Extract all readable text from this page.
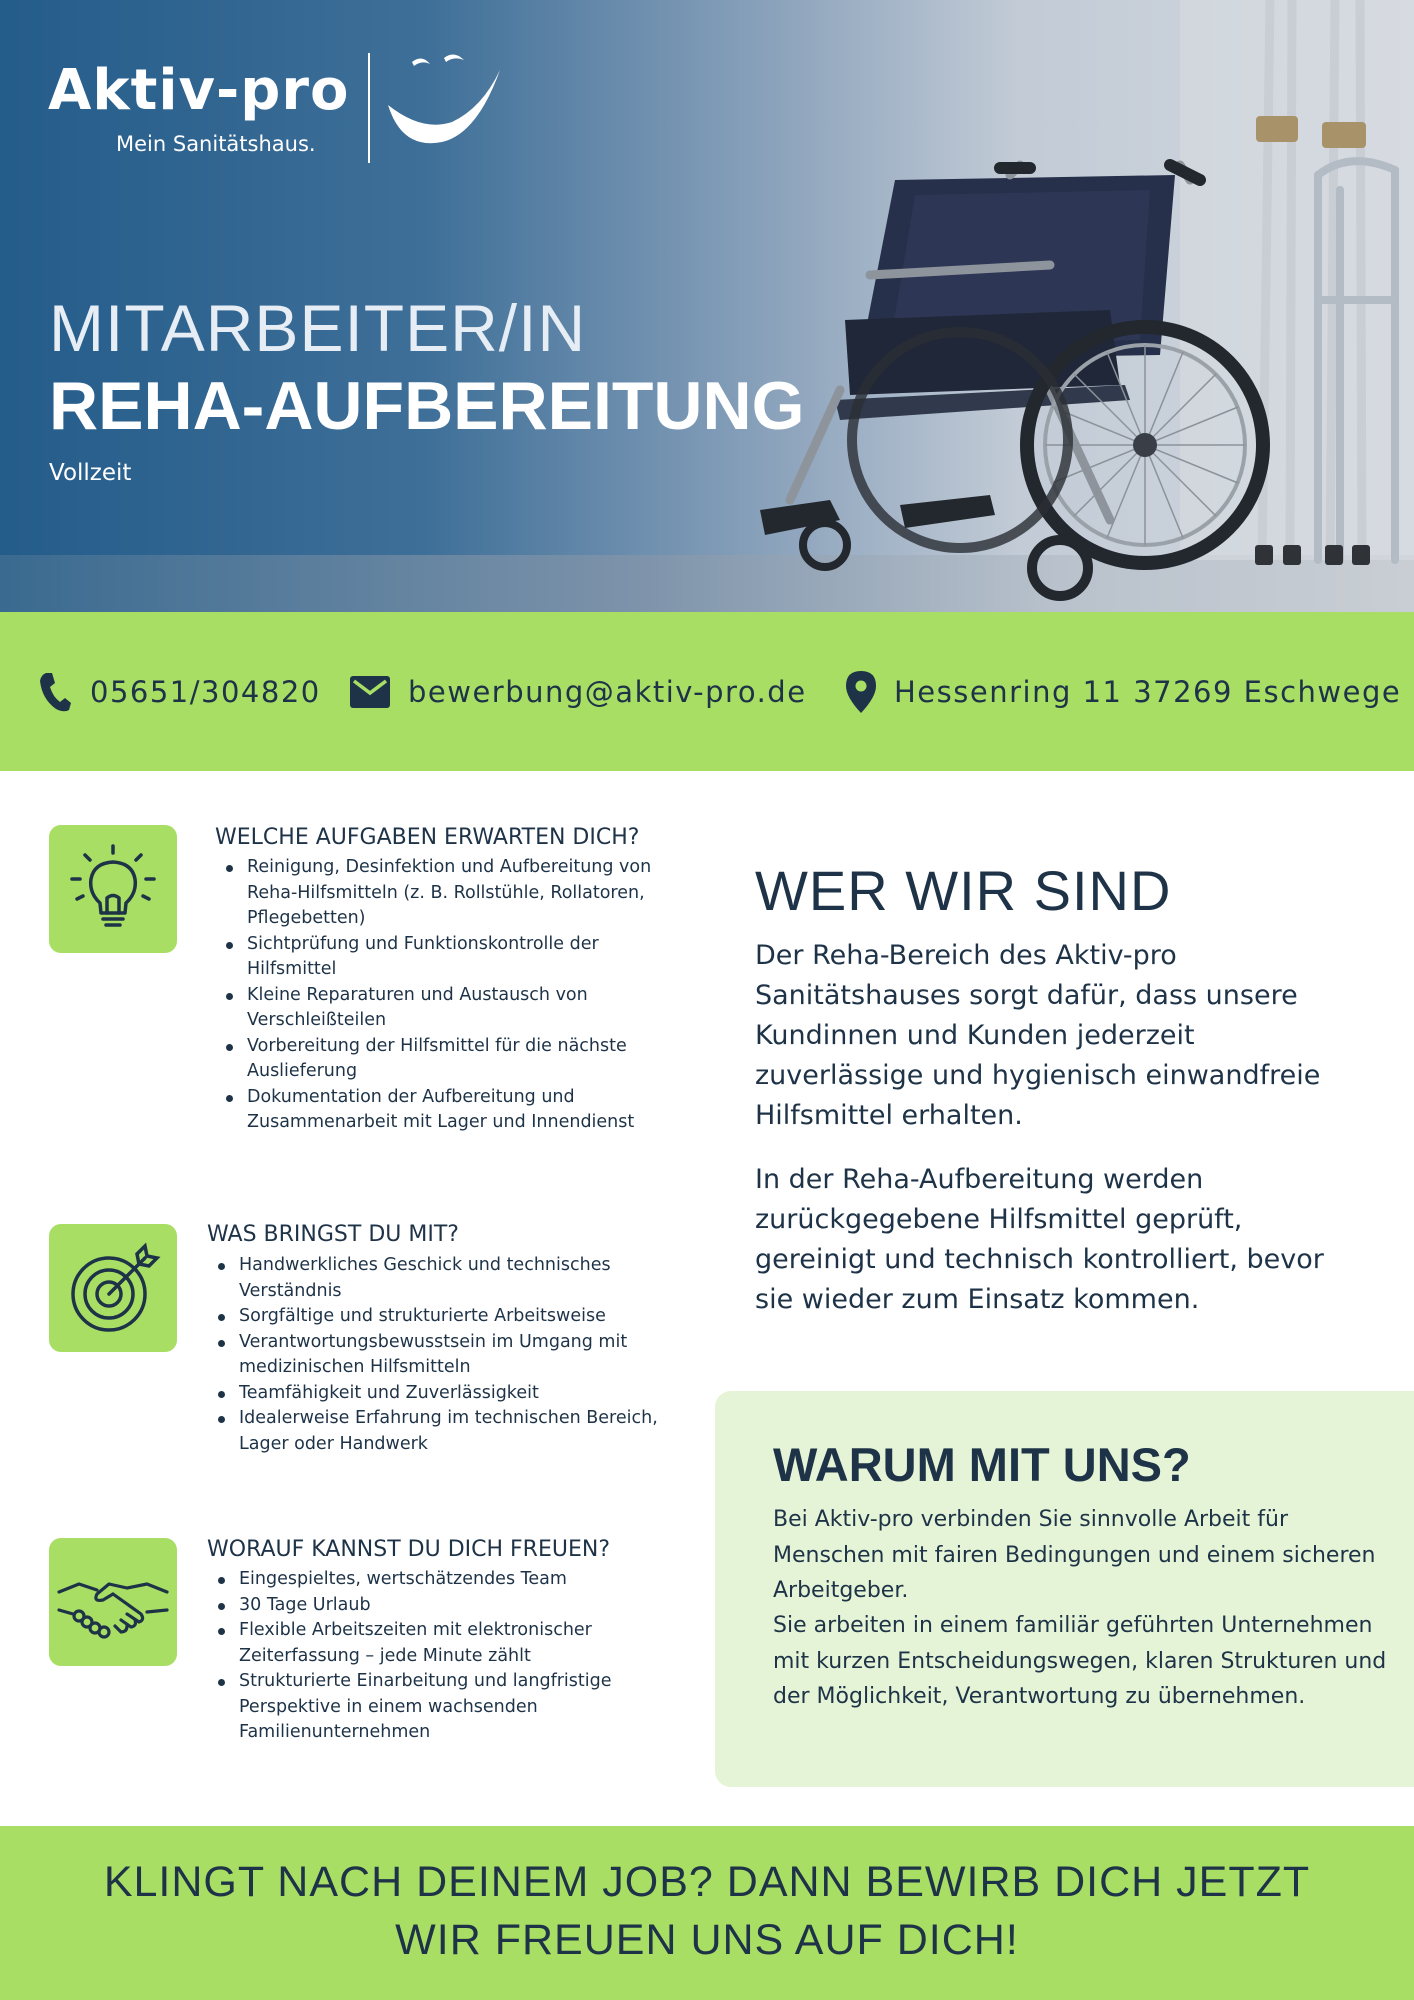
Aktiv-pro
Mein Sanitätshaus.
MITARBEITER/IN
REHA-AUFBEREITUNG
Vollzeit
05651/304820	bewerbung@aktiv-pro.de	Hessenring 11 37269 Eschwege
WELCHE AUFGABEN ERWARTEN DICH?
Reinigung, Desinfektion und Aufbereitung von Reha-Hilfsmitteln (z. B. Rollstühle, Rollatoren, Pflegebetten)
Sichtprüfung und Funktionskontrolle der Hilfsmittel
Kleine Reparaturen und Austausch von Verschleißteilen
Vorbereitung der Hilfsmittel für die nächste Auslieferung
Dokumentation der Aufbereitung und Zusammenarbeit mit Lager und Innendienst
WAS BRINGST DU MIT?
Handwerkliches Geschick und technisches Verständnis
Sorgfältige und strukturierte Arbeitsweise
Verantwortungsbewusstsein im Umgang mit medizinischen Hilfsmitteln
Teamfähigkeit und Zuverlässigkeit
Idealerweise Erfahrung im technischen Bereich, Lager oder Handwerk
WORAUF KANNST DU DICH FREUEN?
Eingespieltes, wertschätzendes Team
30 Tage Urlaub
Flexible Arbeitszeiten mit elektronischer Zeiterfassung – jede Minute zählt
Strukturierte Einarbeitung und langfristige Perspektive in einem wachsenden Familienunternehmen
WER WIR SIND

Der Reha-Bereich des Aktiv-pro Sanitätshauses sorgt dafür, dass unsere Kundinnen und Kunden jederzeit zuverlässige und hygienisch einwandfreie Hilfsmittel erhalten.

In der Reha-Aufbereitung werden zurückgegebene Hilfsmittel geprüft, gereinigt und technisch kontrolliert, bevor sie wieder zum Einsatz kommen.

WARUM MIT UNS?

Bei Aktiv-pro verbinden Sie sinnvolle Arbeit für Menschen mit fairen Bedingungen und einem sicheren Arbeitgeber.

Sie arbeiten in einem familiär geführten Unternehmen mit kurzen Entscheidungswegen, klaren Strukturen und der Möglichkeit, Verantwortung zu übernehmen.

KLINGT NACH DEINEM JOB? DANN BEWIRB DICH JETZT
WIR FREUEN UNS AUF DICH!
